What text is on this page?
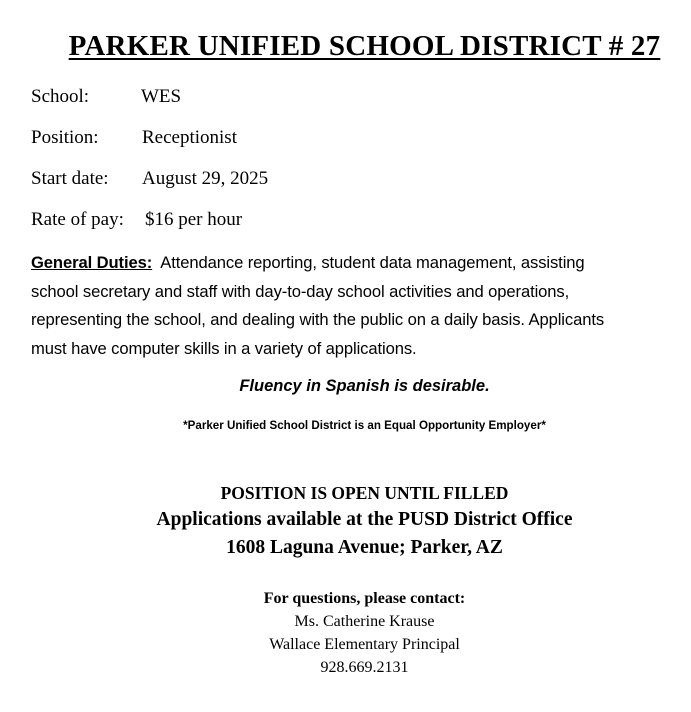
PARKER UNIFIED SCHOOL DISTRICT # 27
School:	WES
Position: Receptionist
Start date: August 29, 2025
Rate of pay: $16 per hour
General Duties: Attendance reporting, student data management, assisting
school secretary and staff with day-to-day school activities and operations,
representing the school, and dealing with the public on a daily basis. Applicants
must have computer skills in a variety of applications.
Fluency in Spanish is desirable.
*Parker Unified School District is an Equal Opportunity Employer*
POSITION IS OPEN UNTIL FILLED
Applications available at the PUSD District Office
1608 Laguna Avenue; Parker, AZ
For questions, please contact:
Ms. Catherine Krause
Wallace Elementary Principal
928.669.2131
